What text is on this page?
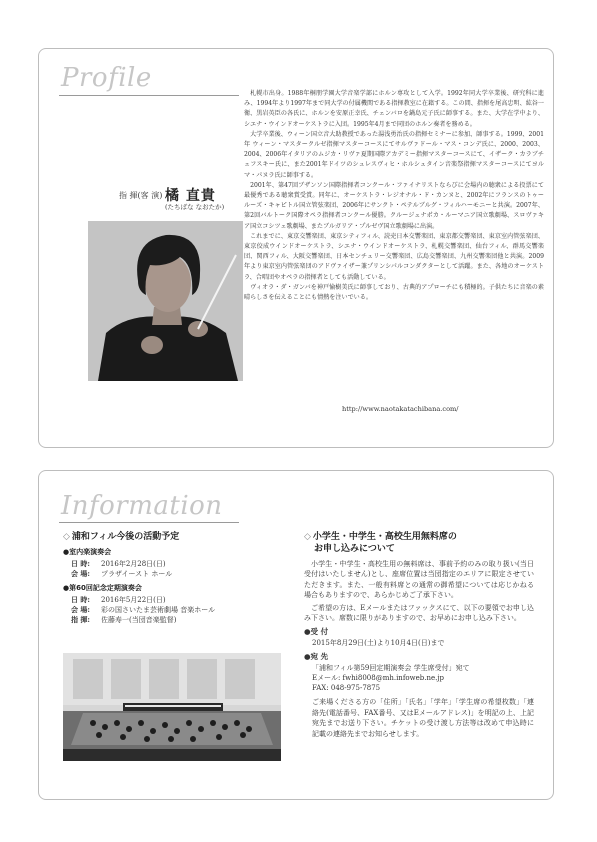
Profile
指 揮(客 演) 橘 直貴
(たちばな なおたか)

札幌市出身。1988年桐朋学園大学音楽学部にホルン専攻として入学。1992年同大学卒業後、研究科に進み、1994年より1997年まで同大学の付属機関である指揮教室に在籍する。この間、指揮を尾高忠明、紘谷一衛、黒岩英臣の各氏に、ホルンを安原正幸氏、チェンバロを鍋島元子氏に師事する。また、大学在学中より、シエナ・ウインドオーケストラに入団。1995年4月まで同団のホルン奏者を務める。

大学卒業後、ウィーン国立音大助教授であった湯浅勇治氏の指揮セミナーに参加、師事する。1999、2001年 ウィーン・マスタークルゼ指揮マスターコースにてサルヴァドール・マス・コンデ氏に、2000、2003、2004、2006年イタリアのムジカ・リヴァ夏期国際アカデミー指揮マスターコースにて、イザーク・カラブチェフスキー氏に、また2001年ドイツのシュレスヴィヒ・ホルシュタイン音楽祭指揮マスターコースにてヨルマ・パヌラ氏に師事する。

2001年、第47回ブザンソン国際指揮者コンクール・ファイナリストならびに会場内の聴衆による投票にて最優秀である聴衆賞受賞。同年に、オーケストラ・レジオナル・ド・カンヌと、2002年にフランスのトゥールーズ・キャピトル国立管弦楽団、2006年にサンクト・ペテルブルグ・フィルハーモニーと共演。2007年、第2回バルトーク国際オペラ指揮者コンクール優勝。クルージュナポカ・ルーマニア国立歌劇場、スロヴァキア国立コシツェ歌劇場、またブルガリア・プルゼヴ国立歌劇場に出演。

これまでに、東京交響楽団、東京シティフィル、読売日本交響楽団、東京都交響楽団、東京室内管弦楽団、東京佼成ウインドオーケストラ、シエナ・ウインドオーケストラ、札幌交響楽団、仙台フィル、群馬交響楽団、関西フィル、大阪交響楽団、日本センチュリー交響楽団、広島交響楽団、九州交響楽団他と共演。2009年より東京室内管弦楽団のアドヴァイザー兼プリンシパルコンダクターとして活躍。また、各地のオーケストラ、合唱団やオペラの指揮者としても活動している。

ヴィオラ・ダ・ガンバを神戸愉樹美氏に師事しており、古典的アプローチにも積極的。子供たちに音楽の素晴らしさを伝えることにも情熱を注いでいる。

http://www.naotakatachibana.com/
Information
◇ 浦和フィル今後の活動予定
●室内楽演奏会
日 時:	2016年2月28日(日)
会 場:	プラザイースト ホール
●第60回記念定期演奏会
日 時:	2016年5月22日(日)
会 場:	彩の国さいたま芸術劇場 音楽ホール
指 揮:	佐藤寿一(当団音楽監督)
◇ 小学生・中学生・高校生用無料席の
お申し込みについて

小学生・中学生・高校生用の無料席は、事前予約のみの取り扱い(当日受付はいたしません)とし、座席位置は当団指定のエリアに限定させていただきます。また、一般有料席との通常の御希望については応じかねる場合もありますので、あらかじめご了承下さい。

ご希望の方は、Eメールまたはファックスにて、以下の要領でお申し込み下さい。席数に限りがありますので、お早めにお申し込み下さい。

●受 付
2015年8月29日(土)より10月4日(日)まで
●宛 先
「浦和フィル第59回定期演奏会 学生席受付」宛て
Eメール: fwhi8008@mh.infoweb.ne.jp
FAX: 048-975-7875

ご来場くださる方の「住所」「氏名」「学年」「学生席の希望枚数」「連絡先(電話番号、FAX番号、又はEメールアドレス)」を明記の上、上記宛先までお送り下さい。チケットの受け渡し方法等は改めて申込時に記載の連絡先までお知らせします。
